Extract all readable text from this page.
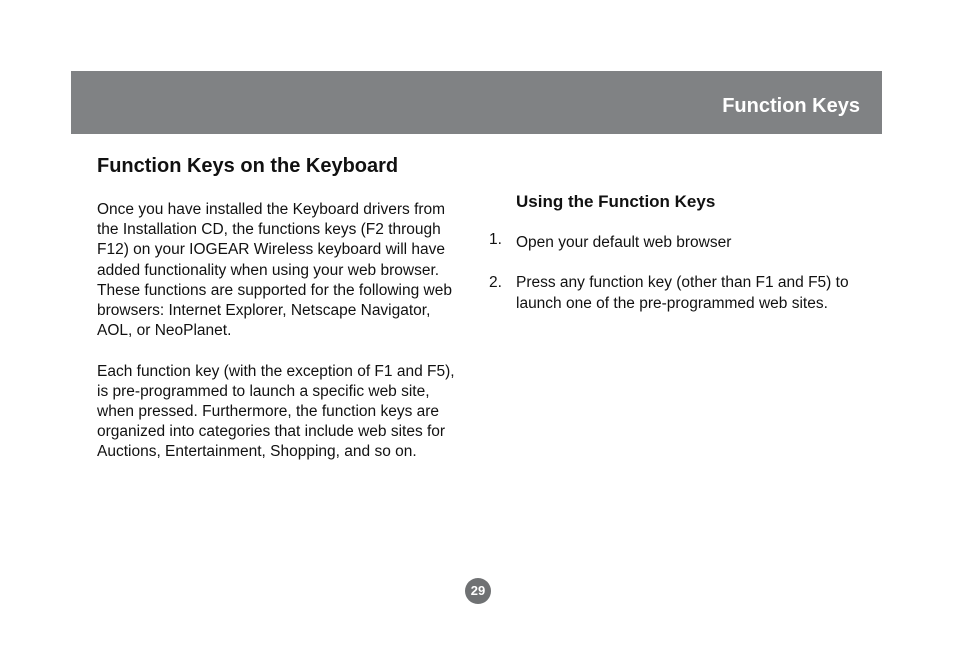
Function Keys
Function Keys on the Keyboard

Once you have installed the Keyboard drivers from the Installation CD, the functions keys (F2 through F12) on your IOGEAR Wireless keyboard will have added functionality when using your web browser. These functions are supported for the following web browsers: Internet Explorer, Netscape Navigator, AOL, or NeoPlanet.

Each function key (with the exception of F1 and F5), is pre-programmed to launch a specific web site, when pressed. Furthermore, the function keys are organized into categories that include web sites for Auctions, Entertainment, Shopping, and so on.

Using the Function Keys
1. Open your default web browser
2. Press any function key (other than F1 and F5) to launch one of the pre-programmed web sites.
29
